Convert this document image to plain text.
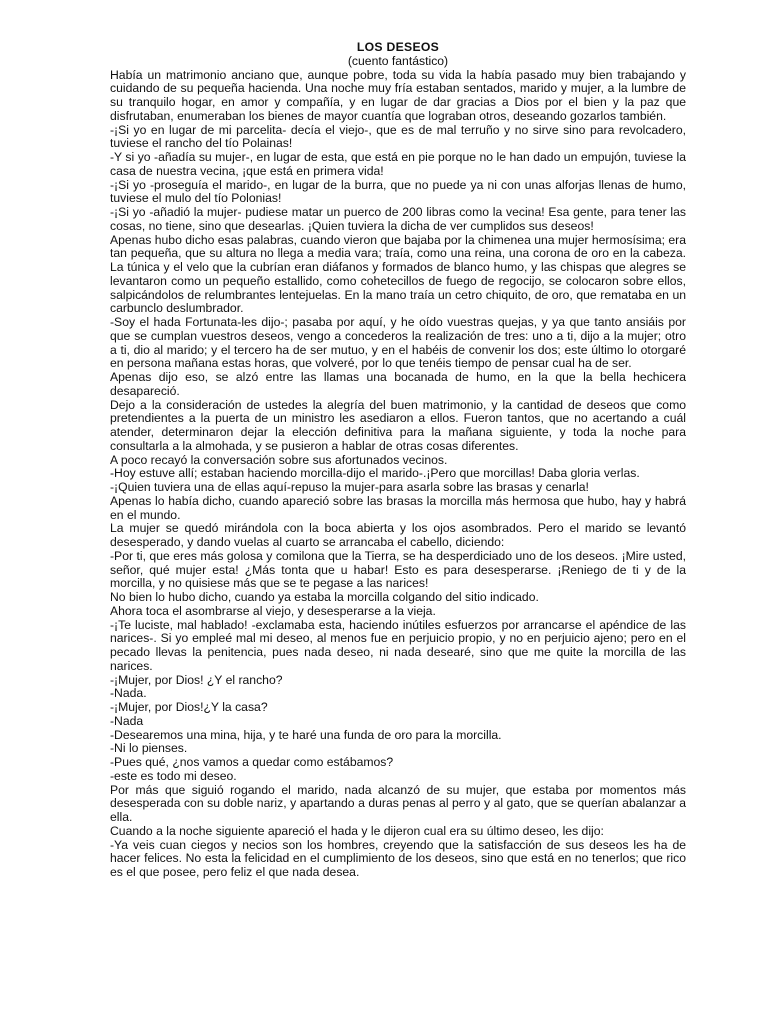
LOS DESEOS
(cuento fantástico)

Había un matrimonio anciano que, aunque pobre, toda su vida la había pasado muy bien trabajando y cuidando de su pequeña hacienda. Una noche muy fría estaban sentados, marido y mujer, a la lumbre de su tranquilo hogar, en amor y compañía, y en lugar de dar gracias a Dios por el bien y la paz que disfrutaban, enumeraban los bienes de mayor cuantía que lograban otros, deseando gozarlos también.

-¡Si yo en lugar de mi parcelita- decía el viejo-, que es de mal terruño y no sirve sino para revolcadero, tuviese el rancho del tío Polainas!

-Y si yo -añadía su mujer-, en lugar de esta, que está en pie porque no le han dado un empujón, tuviese la casa de nuestra vecina, ¡que está en primera vida!

-¡Si yo -proseguía el marido-, en lugar de la burra, que no puede ya ni con unas alforjas llenas de humo, tuviese el mulo del tío Polonias!

-¡Si yo -añadió la mujer- pudiese matar un puerco de 200 libras como la vecina! Esa gente, para tener las cosas, no tiene, sino que desearlas. ¡Quien tuviera la dicha de ver cumplidos sus deseos!

Apenas hubo dicho esas palabras, cuando vieron que bajaba por la chimenea una mujer hermosísima; era tan pequeña, que su altura no llega a media vara; traía, como una reina, una corona de oro en la cabeza. La túnica y el velo que la cubrían eran diáfanos y formados de blanco humo, y las chispas que alegres se levantaron como un pequeño estallido, como cohetecillos de fuego de regocijo, se colocaron sobre ellos, salpicándolos de relumbrantes lentejuelas. En la mano traía un cetro chiquito, de oro, que remataba en un carbunclo deslumbrador.

-Soy el hada Fortunata-les dijo-; pasaba por aquí, y he oído vuestras quejas, y ya que tanto ansiáis por que se cumplan vuestros deseos, vengo a concederos la realización de tres: uno a ti, dijo a la mujer; otro a ti, dio al marido; y el tercero ha de ser mutuo, y en el habéis de convenir los dos; este último lo otorgaré en persona mañana estas horas, que volveré, por lo que tenéis tiempo de pensar cual ha de ser.

Apenas dijo eso, se alzó entre las llamas una bocanada de humo, en la que la bella hechicera desapareció.

Dejo a la consideración de ustedes la alegría del buen matrimonio, y la cantidad de deseos que como pretendientes a la puerta de un ministro les asediaron a ellos. Fueron tantos, que no acertando a cuál atender, determinaron dejar la elección definitiva para la mañana siguiente, y toda la noche para consultarla a la almohada, y se pusieron a hablar de otras cosas diferentes.

A poco recayó la conversación sobre sus afortunados vecinos.

-Hoy estuve allí; estaban haciendo morcilla-dijo el marido-.¡Pero que morcillas! Daba gloria verlas.

-¡Quien tuviera una de ellas aquí-repuso la mujer-para asarla sobre las brasas y cenarla!

Apenas lo había dicho, cuando apareció sobre las brasas la morcilla más hermosa que hubo, hay y habrá en el mundo.

La mujer se quedó mirándola con la boca abierta y los ojos asombrados. Pero el marido se levantó desesperado, y dando vuelas al cuarto se arrancaba el cabello, diciendo:

-Por ti, que eres más golosa y comilona que la Tierra, se ha desperdiciado uno de los deseos. ¡Mire usted, señor, qué mujer esta! ¿Más tonta que u habar! Esto es para desesperarse. ¡Reniego de ti y de la morcilla, y no quisiese más que se te pegase a las narices!

No bien lo hubo dicho, cuando ya estaba la morcilla colgando del sitio indicado.

Ahora toca el asombrarse al viejo, y desesperarse a la vieja.

-¡Te luciste, mal hablado! -exclamaba esta, haciendo inútiles esfuerzos por arrancarse el apéndice de las narices-. Si yo empleé mal mi deseo, al menos fue en perjuicio propio, y no en perjuicio ajeno; pero en el pecado llevas la penitencia, pues nada deseo, ni nada desearé, sino que me quite la morcilla de las narices.

-¡Mujer, por Dios! ¿Y el rancho?

-Nada.

-¡Mujer, por Dios!¿Y la casa?

-Nada

-Desearemos una mina, hija, y te haré una funda de oro para la morcilla.

-Ni lo pienses.

-Pues qué, ¿nos vamos a quedar como estábamos?

-este es todo mi deseo.

Por más que siguió rogando el marido, nada alcanzó de su mujer, que estaba por momentos más desesperada con su doble nariz, y apartando a duras penas al perro y al gato, que se querían abalanzar a ella.

Cuando a la noche siguiente apareció el hada y le dijeron cual era su último deseo, les dijo:

-Ya veis cuan ciegos y necios son los hombres, creyendo que la satisfacción de sus deseos les ha de hacer felices. No esta la felicidad en el cumplimiento de los deseos, sino que está en no tenerlos; que rico es el que posee, pero feliz el que nada desea.
